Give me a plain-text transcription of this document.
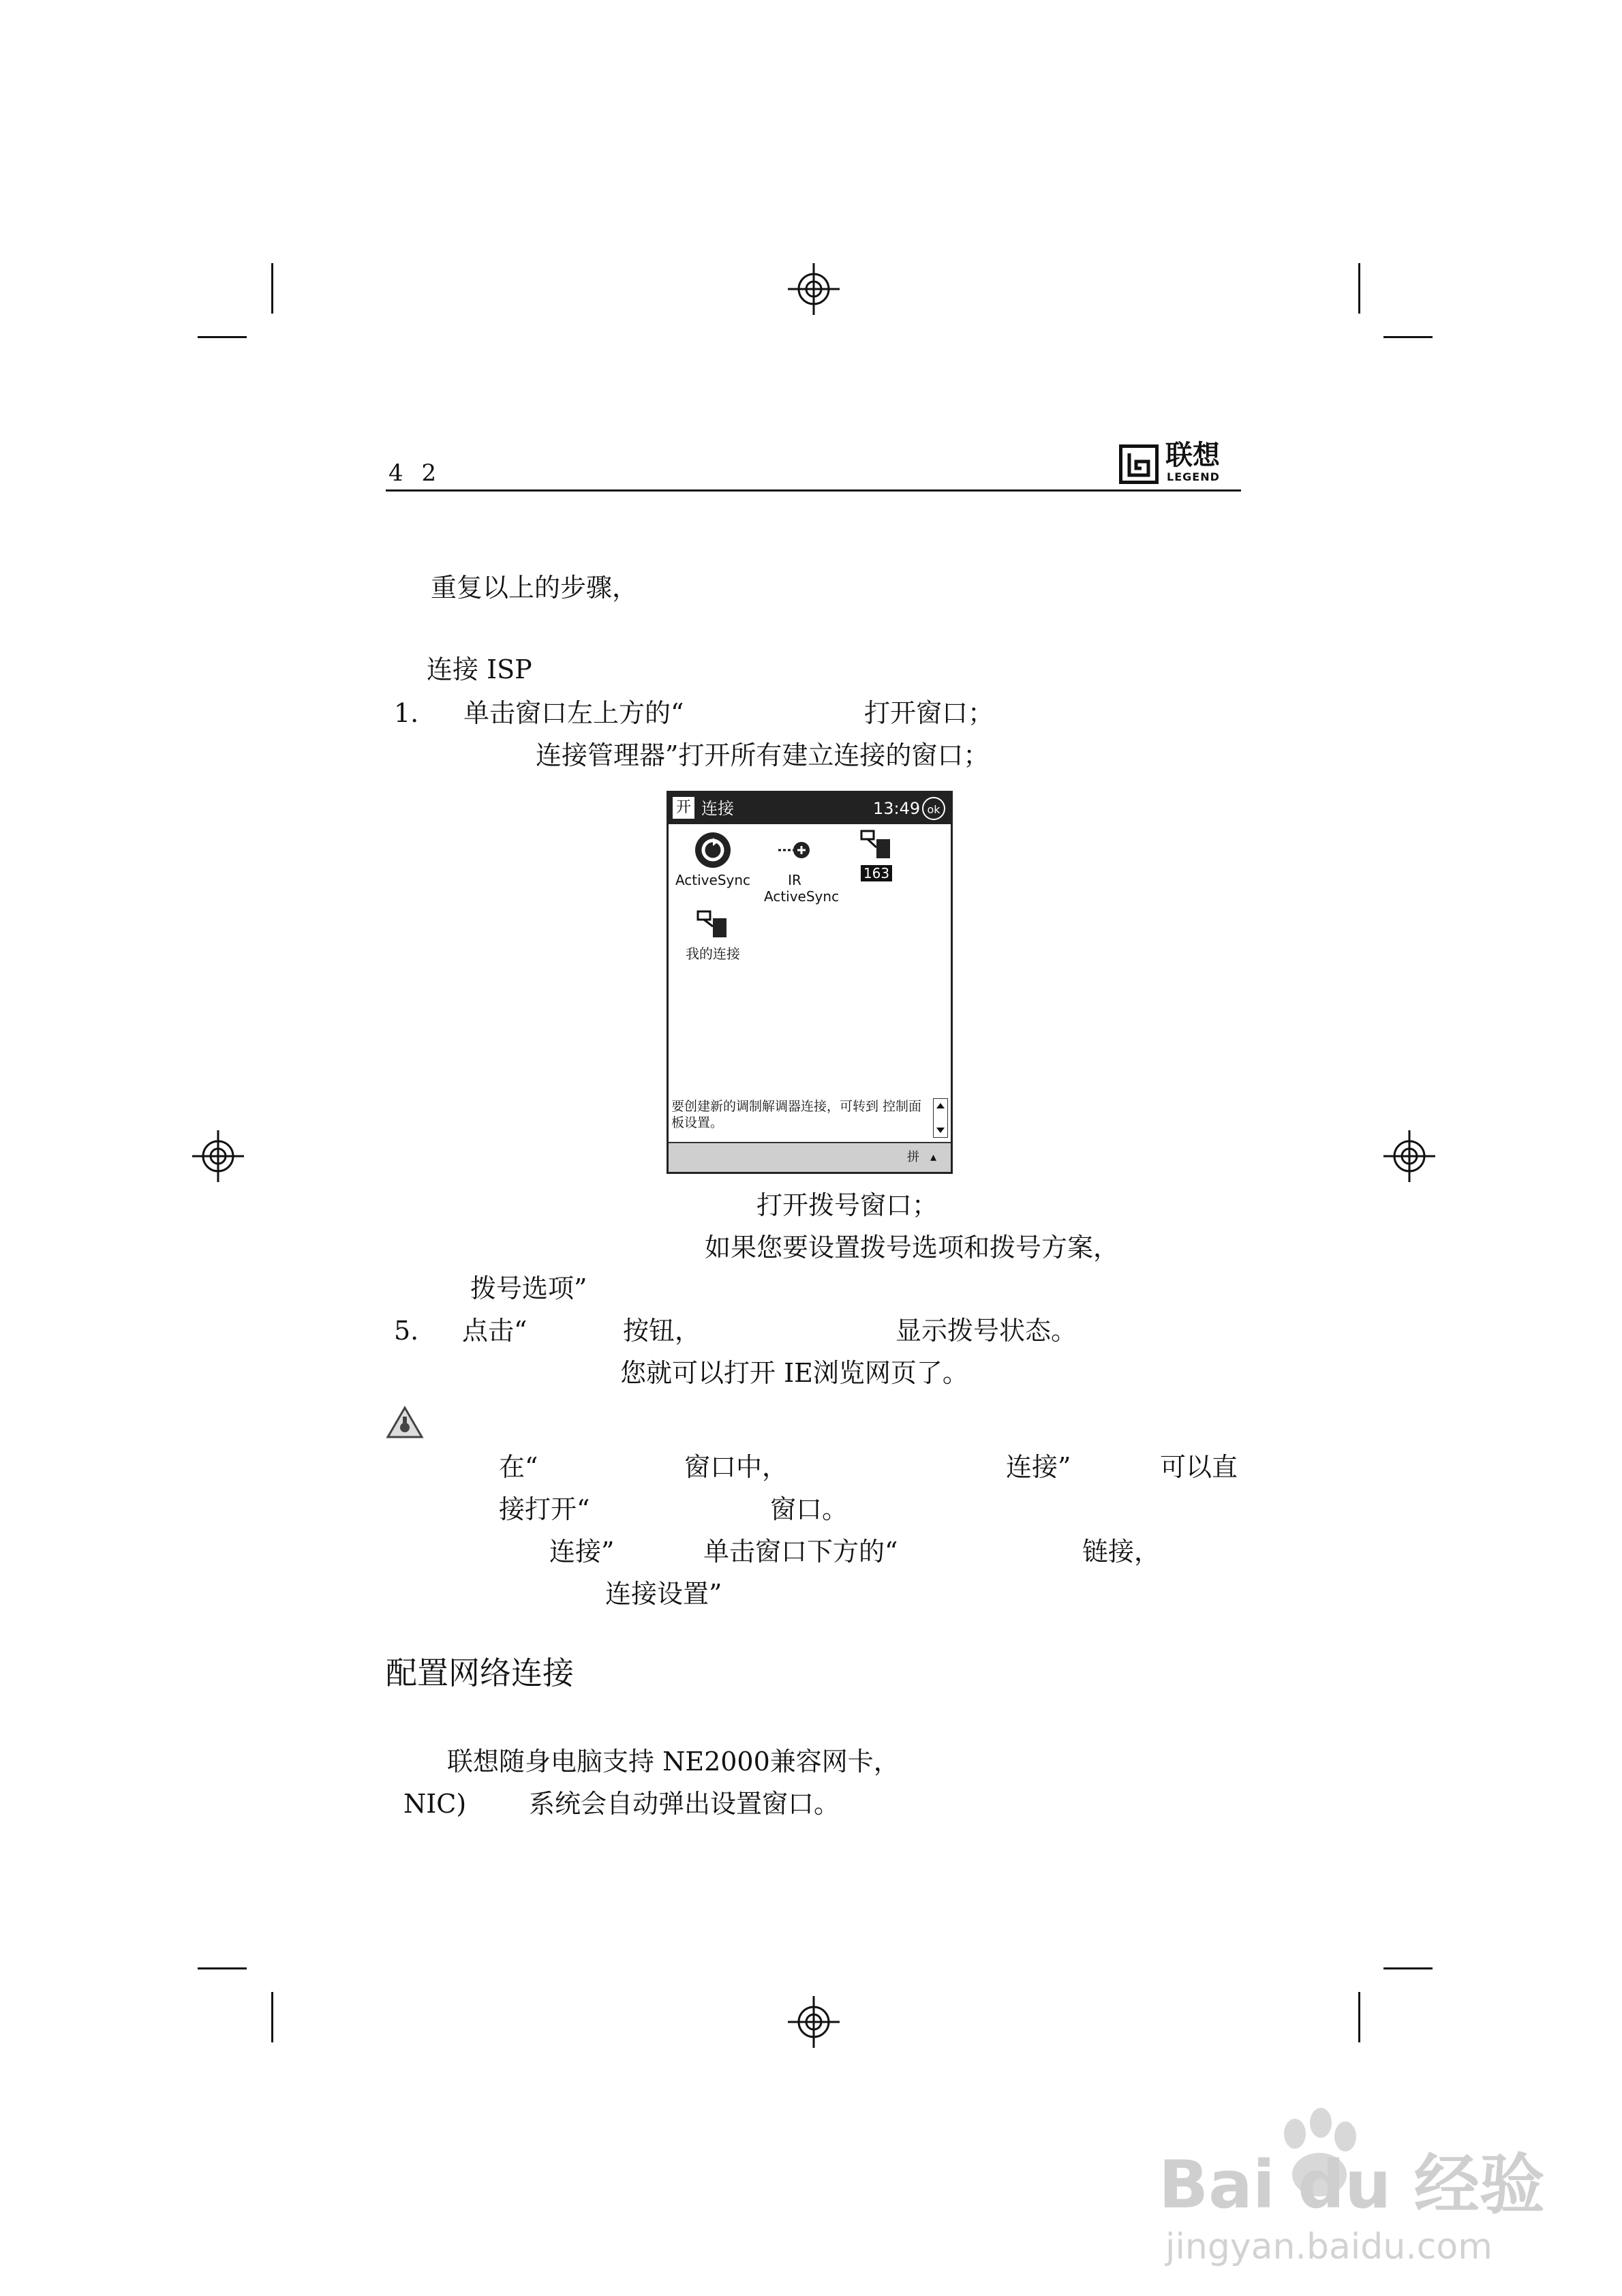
4 2
联想
LEGEND
重复以上的步骤，
连接 ISP
1. 单击窗口左上方的“	打开窗口；
连接管理器”打开所有建立连接的窗口；
开 连接	13:49 ok
ActiveSync	IR ActiveSync
163
我的连接
要创建新的调制解调器连接，可转到 控制面板设置。
拼 ▴
打开拨号窗口；
如果您要设置拨号选项和拨号方案，
拨号选项”
5. 点击“	按钮，	显示拨号状态。
您就可以打开 IE浏览网页了。
在“	窗口中，	连接”	可以直
接打开“	窗口。
连接”	单击窗口下方的“	链接，
连接设置”
配置网络连接
联想随身电脑支持 NE2000兼容网卡，
NIC) 系统会自动弹出设置窗口。
Bai du 经验
jingyan.baidu.com
